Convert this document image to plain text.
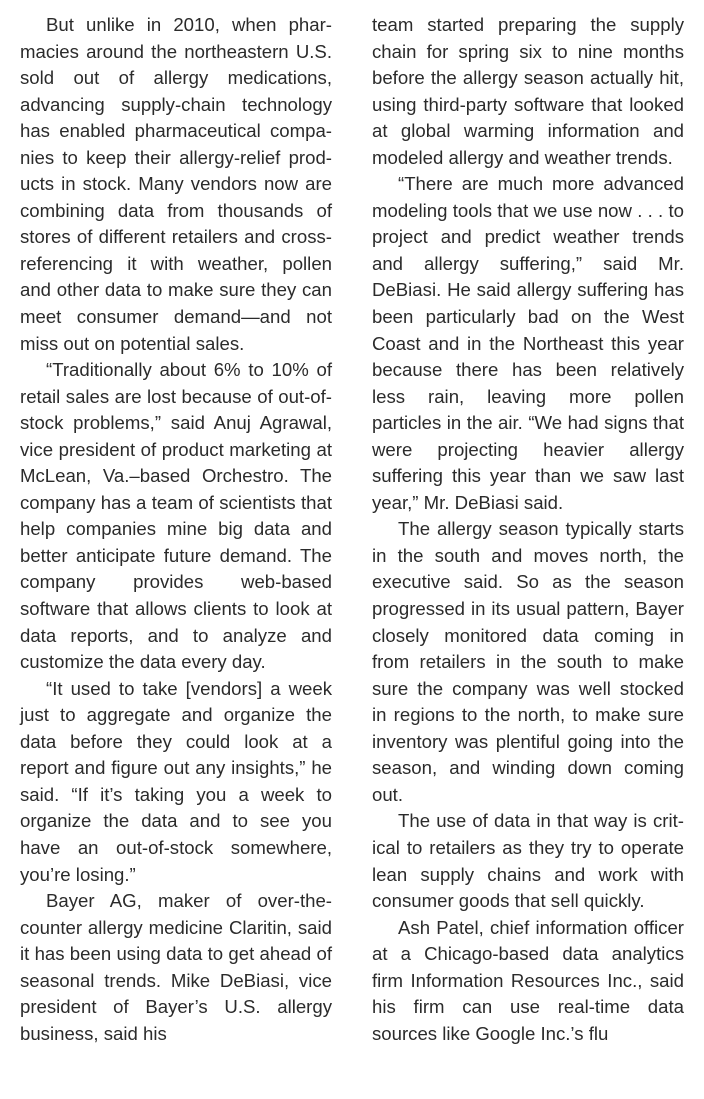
But unlike in 2010, when pharmacies around the northeastern U.S. sold out of allergy medications, advancing supply-chain technology has enabled pharmaceutical companies to keep their allergy-relief products in stock. Many vendors now are combining data from thousands of stores of different retailers and cross-referencing it with weather, pollen and other data to make sure they can meet consumer demand—and not miss out on potential sales.

“Traditionally about 6% to 10% of retail sales are lost because of out-of-stock problems,” said Anuj Agrawal, vice president of product marketing at McLean, Va.–based Orchestro. The company has a team of scientists that help companies mine big data and better anticipate future demand. The company provides web-based software that allows clients to look at data reports, and to analyze and customize the data every day.

“It used to take [vendors] a week just to aggregate and organize the data before they could look at a report and figure out any insights,” he said. “If it’s taking you a week to organize the data and to see you have an out-of-stock somewhere, you’re losing.”

Bayer AG, maker of over-the-counter allergy medicine Claritin, said it has been using data to get ahead of seasonal trends. Mike DeBiasi, vice president of Bayer’s U.S. allergy business, said his

team started preparing the supply chain for spring six to nine months before the allergy season actually hit, using third-party software that looked at global warming information and modeled allergy and weather trends.

“There are much more advanced modeling tools that we use now . . . to project and predict weather trends and allergy suffering,” said Mr. DeBiasi. He said allergy suffering has been particularly bad on the West Coast and in the Northeast this year because there has been relatively less rain, leaving more pollen particles in the air. “We had signs that were projecting heavier allergy suffering this year than we saw last year,” Mr. DeBiasi said.

The allergy season typically starts in the south and moves north, the executive said. So as the season progressed in its usual pattern, Bayer closely monitored data coming in from retailers in the south to make sure the company was well stocked in regions to the north, to make sure inventory was plentiful going into the season, and winding down coming out.

The use of data in that way is critical to retailers as they try to operate lean supply chains and work with consumer goods that sell quickly.

Ash Patel, chief information officer at a Chicago-based data analytics firm Information Resources Inc., said his firm can use real-time data sources like Google Inc.’s flu
